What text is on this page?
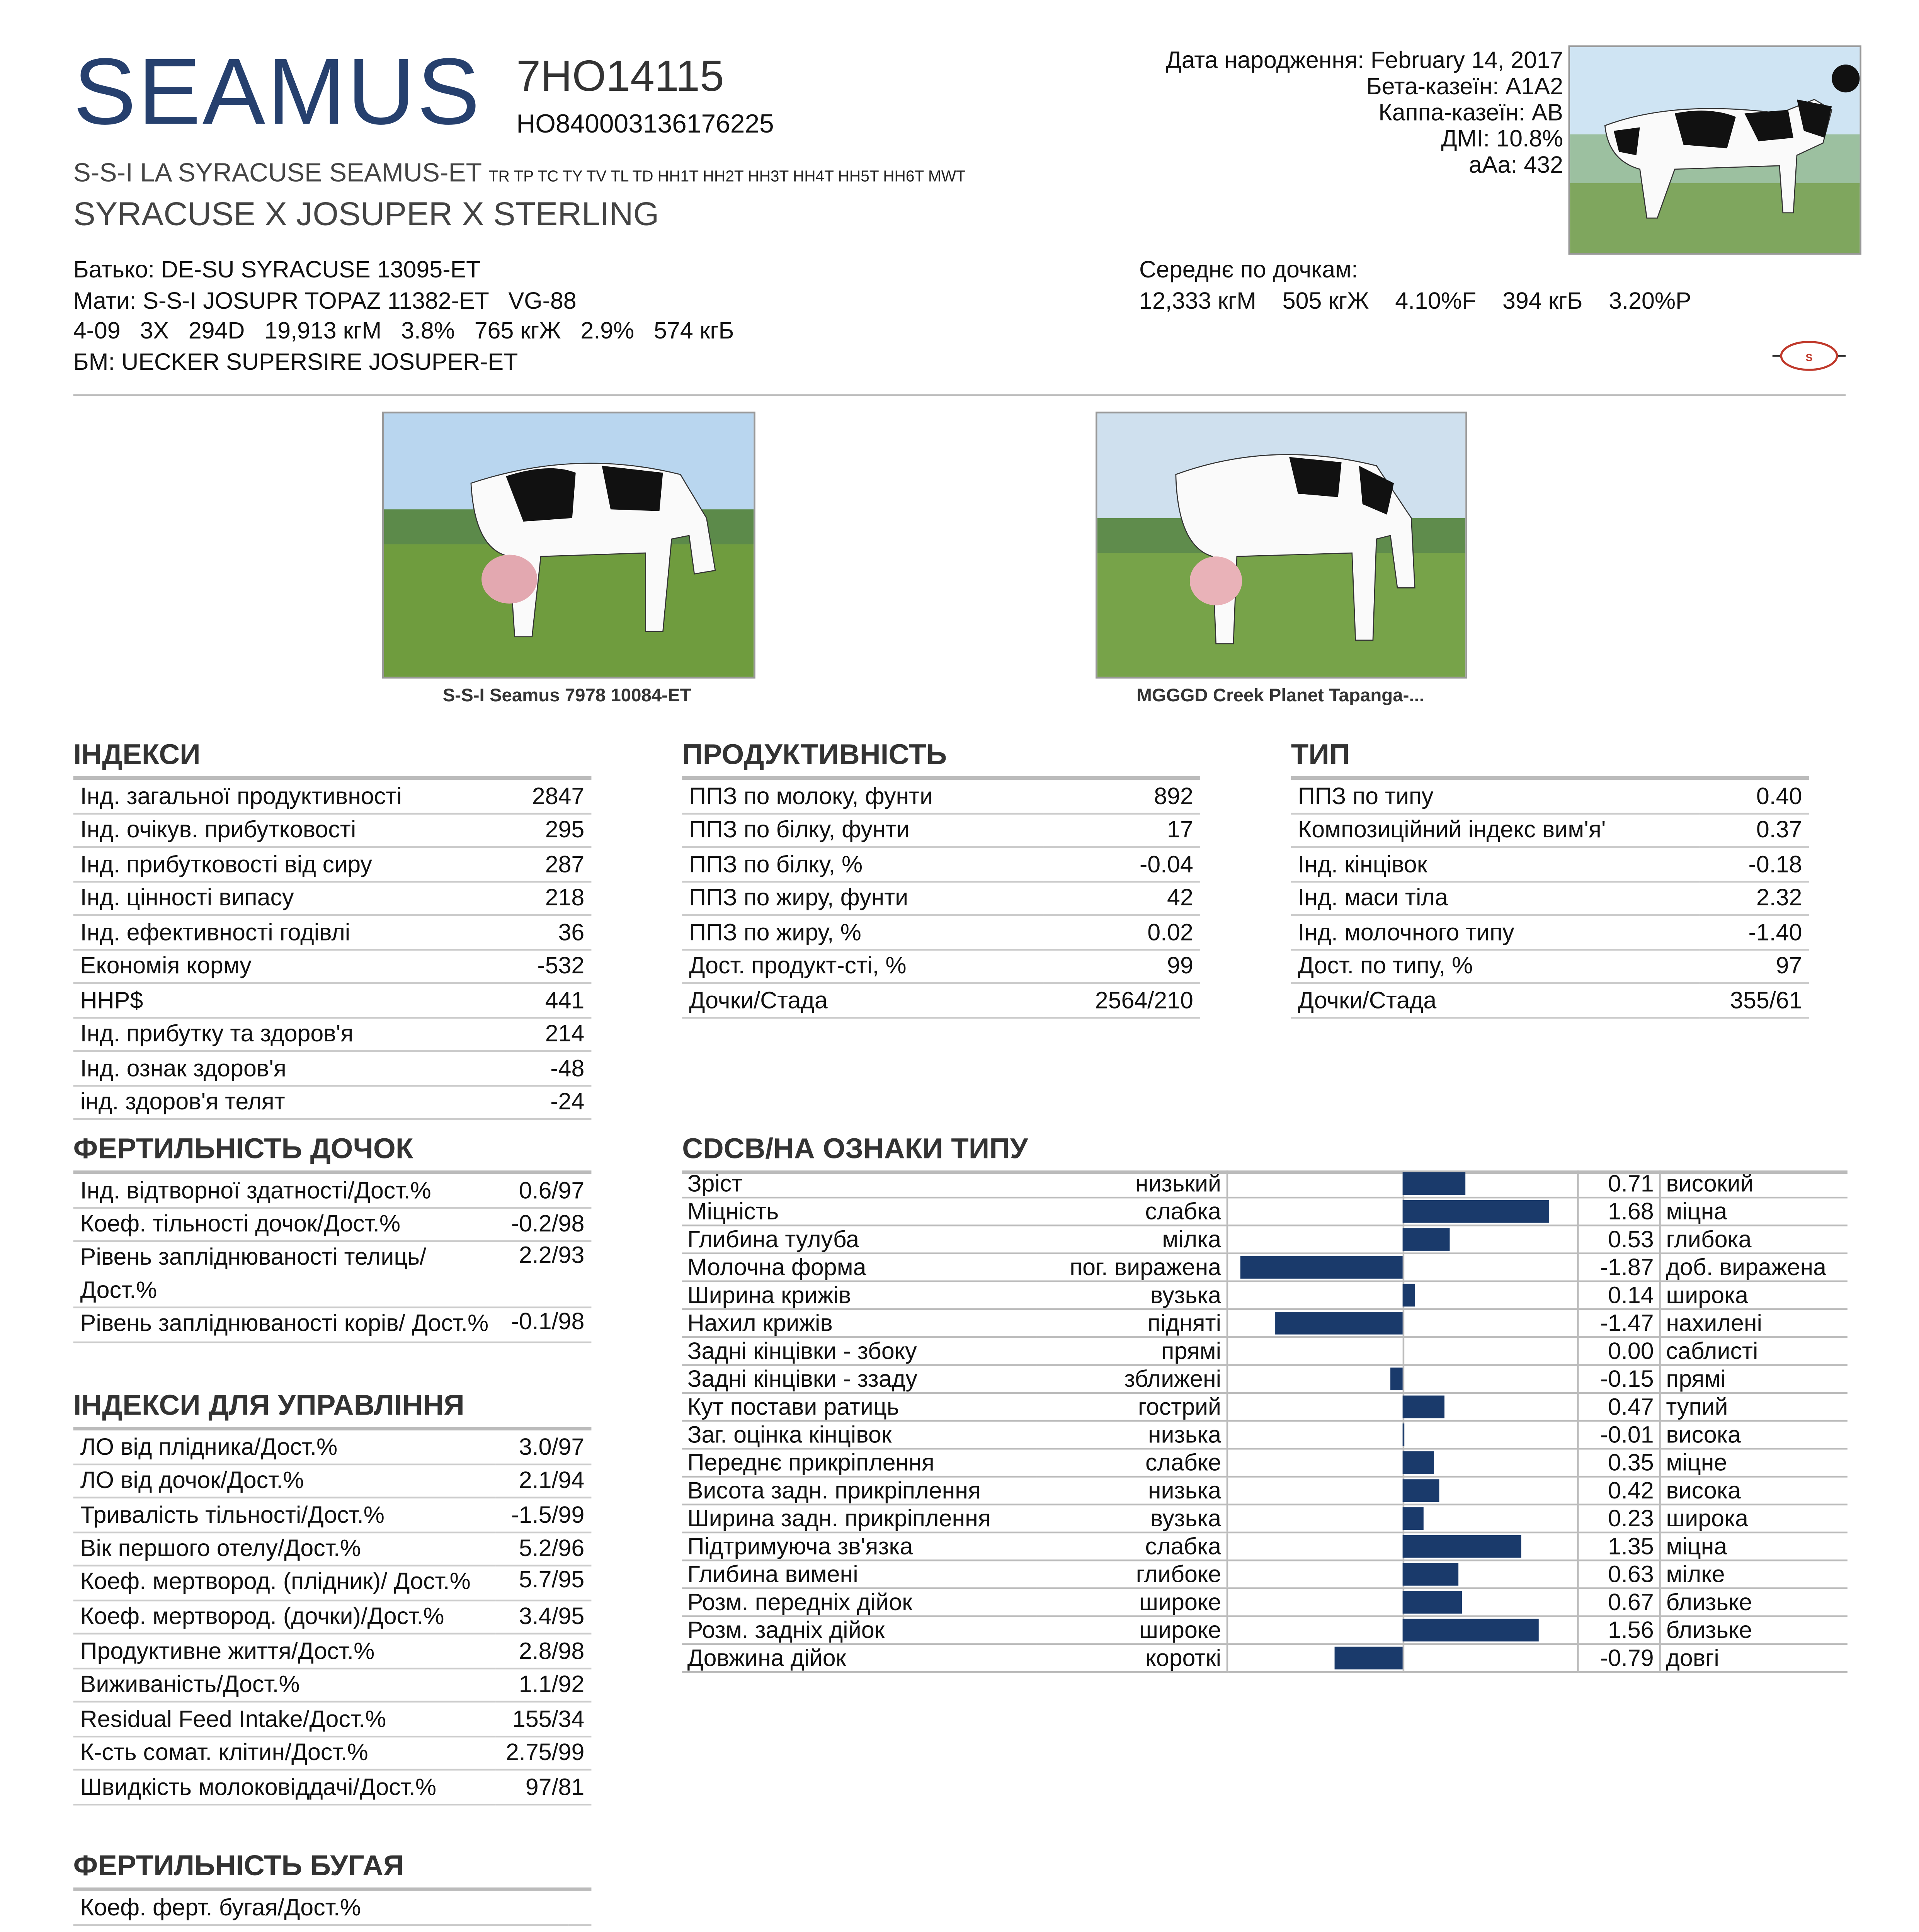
SEAMUS	7HO14115
HO840003136176225
S-S-I LA SYRACUSE SEAMUS-ET TR TP TC TY TV TL TD HH1T HH2T HH3T HH4T HH5T HH6T MWT
SYRACUSE X JOSUPER X STERLING
Батько: DE-SU SYRACUSE 13095-ET
Мати: S-S-I JOSUPR TOPAZ 11382-ET   VG-88
4-09   3X   294D   19,913 кгМ   3.8%   765 кгЖ   2.9%   574 кгБ
БМ: UECKER SUPERSIRE JOSUPER-ET
Дата народження: February 14, 2017
Бета-казеїн: A1A2
Каппа-казеїн: AB
ДМІ: 10.8%
aAa: 432
Середнє по дочкам:
12,333 кгМ    505 кгЖ    4.10%F    394 кгБ    3.20%P
S
S-S-I Seamus 7978 10084-ET	MGGGD Creek Planet Tapanga-...
ІНДЕКСИ
Інд. загальної продуктивності	2847
Інд. очікув. прибутковості	295
Інд. прибутковості від сиру	287
Інд. цінності випасу	218
Інд. ефективності годівлі	36
Економія корму	-532
HHP$	441
Інд. прибутку та здоров'я	214
Інд. ознак здоров'я	-48
інд. здоров'я телят	-24
ПРОДУКТИВНІСТЬ
ППЗ по молоку, фунти	892
ППЗ по білку, фунти	17
ППЗ по білку, %	-0.04
ППЗ по жиру, фунти	42
ППЗ по жиру, %	0.02
Дост. продукт-сті, %	99
Дочки/Стада	2564/210
ТИП
ППЗ по типу	0.40
Композиційний індекс вим'я'	0.37
Інд. кінцівок	-0.18
Інд. маси тіла	2.32
Інд. молочного типу	-1.40
Дост. по типу, %	97
Дочки/Стада	355/61
ФЕРТИЛЬНІСТЬ ДОЧОК
Інд. відтворної здатності/Дост.%	0.6/97
Коеф. тільності дочок/Дост.%	-0.2/98
Рівень запліднюваності телиць/ Дост.%	2.2/93
Рівень запліднюваності корів/ Дост.%	-0.1/98
ІНДЕКСИ ДЛЯ УПРАВЛІННЯ
ЛО від плідника/Дост.%	3.0/97
ЛО від дочок/Дост.%	2.1/94
Тривалість тільності/Дост.%	-1.5/99
Вік першого отелу/Дост.%	5.2/96
Коеф. мертвород. (плідник)/ Дост.%	5.7/95
Коеф. мертвород. (дочки)/Дост.%	3.4/95
Продуктивне життя/Дост.%	2.8/98
Виживаність/Дост.%	1.1/92
Residual Feed Intake/Дост.%	155/34
К-сть сомат. клітин/Дост.%	2.75/99
Швидкість молоковіддачі/Дост.%	97/81
ФЕРТИЛЬНІСТЬ БУГАЯ
Коеф. ферт. бугая/Дост.%	
CDCB/НА ОЗНАКИ ТИПУ
Зріст	низький		0.71	високий
Міцність	слабка		1.68	міцна
Глибина тулуба	мілка		0.53	глибока
Молочна форма	пог. виражена		-1.87	доб. виражена
Ширина крижів	вузька		0.14	широка
Нахил крижів	підняті		-1.47	нахилені
Задні кінцівки - збоку	прямі		0.00	саблисті
Задні кінцівки - ззаду	зближені		-0.15	прямі
Кут постави ратиць	гострий		0.47	тупий
Заг. оцінка кінцівок	низька		-0.01	висока
Переднє прикріплення	слабке		0.35	міцне
Висота задн. прикріплення	низька		0.42	висока
Ширина задн. прикріплення	вузька		0.23	широка
Підтримуюча зв'язка	слабка		1.35	міцна
Глибина вимені	глибоке		0.63	мілке
Розм. передніх дійок	широке		0.67	близьке
Розм. задніх дійок	широке		1.56	близьке
Довжина дійок	короткі		-0.79	довгі
